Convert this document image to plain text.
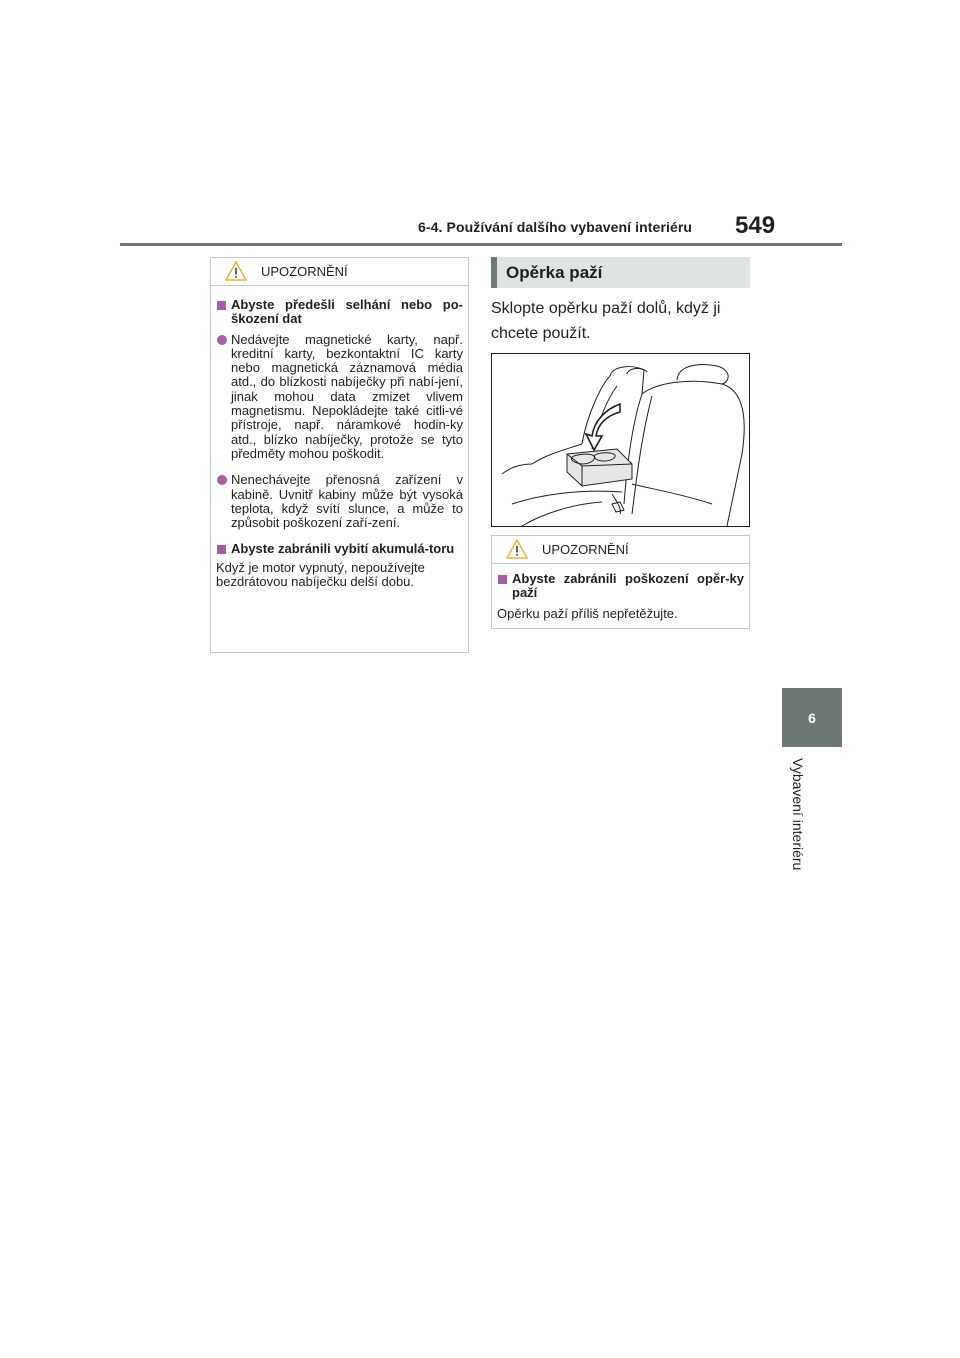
6-4. Používání dalšího vybavení interiéru 549
6
Vybavení interiéru
UPOZORNĚNÍ
Abyste předešli selhání nebo po-škození dat
Nedávejte magnetické karty, např. kreditní karty, bezkontaktní IC karty nebo magnetická záznamová média atd., do blízkosti nabíječky při nabí-jení, jinak mohou data zmizet vlivem magnetismu. Nepokládejte také citli-vé přístroje, např. náramkové hodin-ky atd., blízko nabíječky, protože se tyto předměty mohou poškodit.
Nenechávejte přenosná zařízení v kabině. Uvnitř kabiny může být vysoká teplota, když svítí slunce, a může to způsobit poškození zaří-zení.
Abyste zabránili vybití akumulá-toru
Když je motor vypnutý, nepoužívejte bezdrátovou nabíječku delší dobu.
Opěrka paží
Sklopte opěrku paží dolů, když ji chcete použít.
UPOZORNĚNÍ
Abyste zabránili poškození opěr-ky paží
Opěrku paží příliš nepřetěžujte.
